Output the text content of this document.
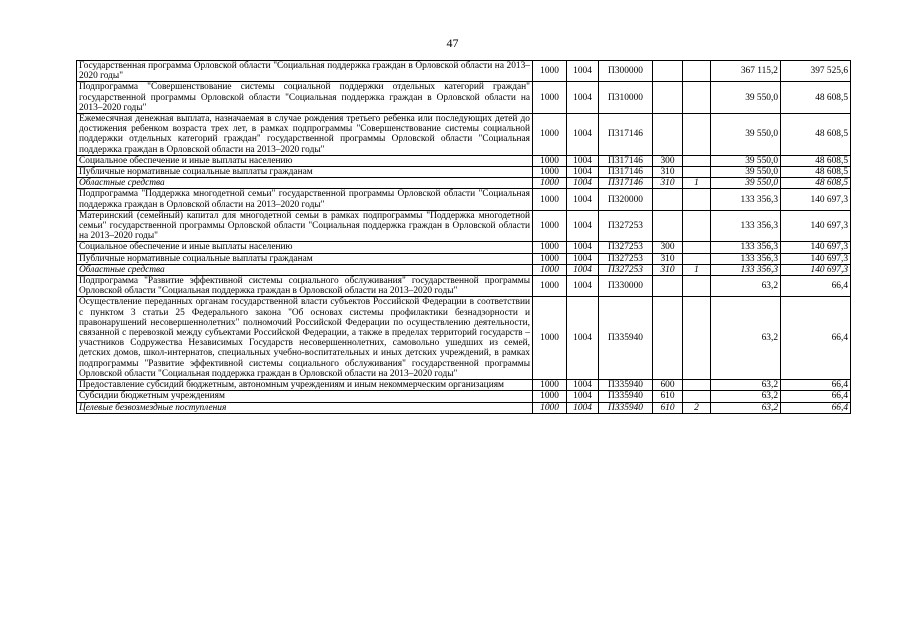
47
Государственная программа Орловской области "Социальная поддержка граждан в Орловской области на 2013–2020 годы"	1000	1004	П300000			367 115,2	397 525,6
Подпрограмма "Совершенствование системы социальной поддержки отдельных категорий граждан" государственной программы Орловской области "Социальная поддержка граждан в Орловской области на 2013–2020 годы"	1000	1004	П310000			39 550,0	48 608,5
Ежемесячная денежная выплата, назначаемая в случае рождения третьего ребенка или последующих детей до достижения ребенком возраста трех лет, в рамках подпрограммы "Совершенствование системы социальной поддержки отдельных категорий граждан" государственной программы Орловской области "Социальная поддержка граждан в Орловской области на 2013–2020 годы"	1000	1004	П317146			39 550,0	48 608,5
Социальное обеспечение и иные выплаты населению	1000	1004	П317146	300		39 550,0	48 608,5
Публичные нормативные социальные выплаты гражданам	1000	1004	П317146	310		39 550,0	48 608,5
Областные средства	1000	1004	П317146	310	1	39 550,0	48 608,5
Подпрограмма "Поддержка многодетной семьи" государственной программы Орловской области "Социальная поддержка граждан в Орловской области на 2013–2020 годы"	1000	1004	П320000			133 356,3	140 697,3
Материнский (семейный) капитал для многодетной семьи в рамках подпрограммы "Поддержка многодетной семьи" государственной программы Орловской области "Социальная поддержка граждан в Орловской области на 2013–2020 годы"	1000	1004	П327253			133 356,3	140 697,3
Социальное обеспечение и иные выплаты населению	1000	1004	П327253	300		133 356,3	140 697,3
Публичные нормативные социальные выплаты гражданам	1000	1004	П327253	310		133 356,3	140 697,3
Областные средства	1000	1004	П327253	310	1	133 356,3	140 697,3
Подпрограмма "Развитие эффективной системы социального обслуживания" государственной программы Орловской области "Социальная поддержка граждан в Орловской области на 2013–2020 годы"	1000	1004	П330000			63,2	66,4
Осуществление переданных органам государственной власти субъектов Российской Федерации в соответствии с пунктом 3 статьи 25 Федерального закона "Об основах системы профилактики безнадзорности и правонарушений несовершеннолетних" полномочий Российской Федерации по осуществлению деятельности, связанной с перевозкой между субъектами Российской Федерации, а также в пределах территорий государств – участников Содружества Независимых Государств несовершеннолетних, самовольно ушедших из семей, детских домов, школ-интернатов, специальных учебно-воспитательных и иных детских учреждений, в рамках подпрограммы "Развитие эффективной системы социального обслуживания" государственной программы Орловской области "Социальная поддержка граждан в Орловской области на 2013–2020 годы"	1000	1004	П335940			63,2	66,4
Предоставление субсидий бюджетным, автономным учреждениям и иным некоммерческим организациям	1000	1004	П335940	600		63,2	66,4
Субсидии бюджетным учреждениям	1000	1004	П335940	610		63,2	66,4
Целевые безвозмездные поступления	1000	1004	П335940	610	2	63,2	66,4
